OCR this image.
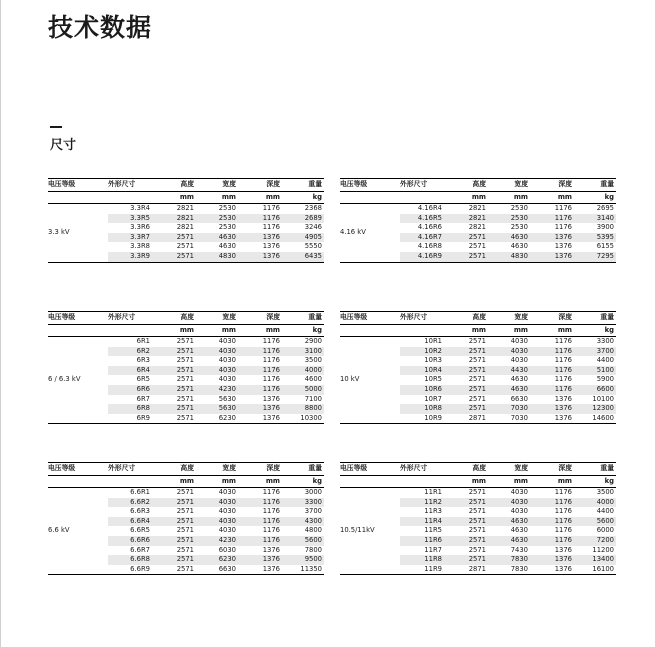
技术数据
尺寸
电压等级	外形尺寸	高度	宽度	深度	重量
		mm	mm	mm	kg
3.3 kV	3.3R4	2821	2530	1176	2368
	3.3R5	2821	2530	1176	2689
	3.3R6	2821	2530	1176	3246
	3.3R7	2571	4630	1376	4905
	3.3R8	2571	4630	1376	5550
	3.3R9	2571	4830	1376	6435
电压等级	外形尺寸	高度	宽度	深度	重量
		mm	mm	mm	kg
4.16 kV	4.16R4	2821	2530	1176	2695
	4.16R5	2821	2530	1176	3140
	4.16R6	2821	2530	1176	3900
	4.16R7	2571	4630	1376	5395
	4.16R8	2571	4630	1376	6155
	4.16R9	2571	4830	1376	7295
电压等级	外形尺寸	高度	宽度	深度	重量
		mm	mm	mm	kg
6 / 6.3 kV	6R1	2571	4030	1176	2900
	6R2	2571	4030	1176	3100
	6R3	2571	4030	1176	3500
	6R4	2571	4030	1176	4000
	6R5	2571	4030	1176	4600
	6R6	2571	4230	1176	5000
	6R7	2571	5630	1376	7100
	6R8	2571	5630	1376	8800
	6R9	2571	6230	1376	10300
电压等级	外形尺寸	高度	宽度	深度	重量
		mm	mm	mm	kg
10 kV	10R1	2571	4030	1176	3300
	10R2	2571	4030	1176	3700
	10R3	2571	4030	1176	4400
	10R4	2571	4430	1176	5100
	10R5	2571	4630	1176	5900
	10R6	2571	4630	1176	6600
	10R7	2571	6630	1376	10100
	10R8	2571	7030	1376	12300
	10R9	2871	7030	1376	14600
电压等级	外形尺寸	高度	宽度	深度	重量
		mm	mm	mm	kg
6.6 kV	6.6R1	2571	4030	1176	3000
	6.6R2	2571	4030	1176	3300
	6.6R3	2571	4030	1176	3700
	6.6R4	2571	4030	1176	4300
	6.6R5	2571	4030	1176	4800
	6.6R6	2571	4230	1176	5600
	6.6R7	2571	6030	1376	7800
	6.6R8	2571	6230	1376	9500
	6.6R9	2571	6630	1376	11350
电压等级	外形尺寸	高度	宽度	深度	重量
		mm	mm	mm	kg
10.5/11kV	11R1	2571	4030	1176	3500
	11R2	2571	4030	1176	4000
	11R3	2571	4030	1176	4400
	11R4	2571	4630	1176	5600
	11R5	2571	4630	1176	6000
	11R6	2571	4630	1176	7200
	11R7	2571	7430	1376	11200
	11R8	2571	7830	1376	13400
	11R9	2871	7830	1376	16100
